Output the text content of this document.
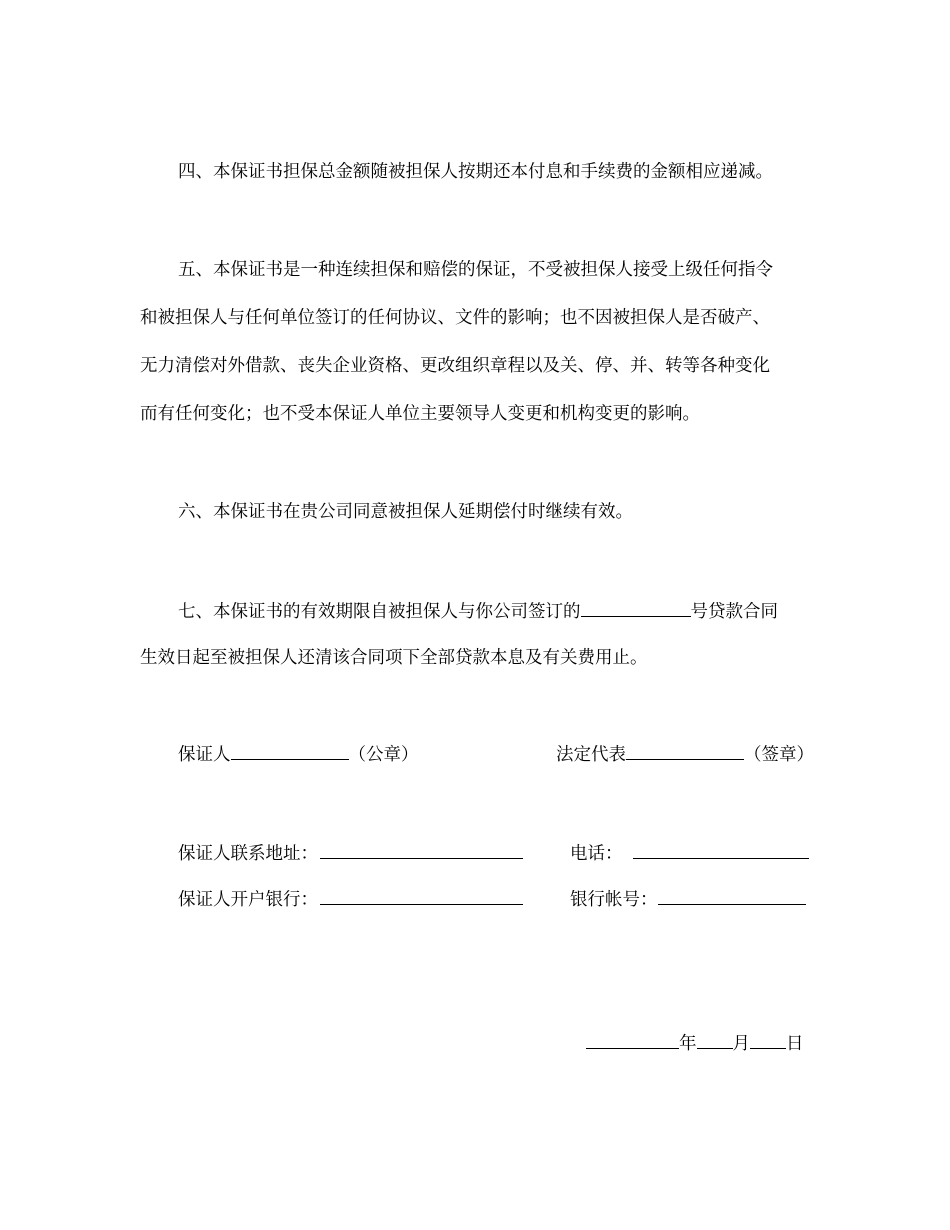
四、本保证书担保总金额随被担保人按期还本付息和手续费的金额相应递减。
五、本保证书是一种连续担保和赔偿的保证，不受被担保人接受上级任何指令
和被担保人与任何单位签订的任何协议、文件的影响；也不因被担保人是否破产、
无力清偿对外借款、丧失企业资格、更改组织章程以及关、停、并、转等各种变化
而有任何变化；也不受本保证人单位主要领导人变更和机构变更的影响。
六、本保证书在贵公司同意被担保人延期偿付时继续有效。
七、本保证书的有效期限自被担保人与你公司签订的	号贷款合同
生效日起至被担保人还清该合同项下全部贷款本息及有关费用止。
保证人	（公章）	法定代表	（签章）
保证人联系地址：	电话：
保证人开户银行：	银行帐号：
年 月 日
